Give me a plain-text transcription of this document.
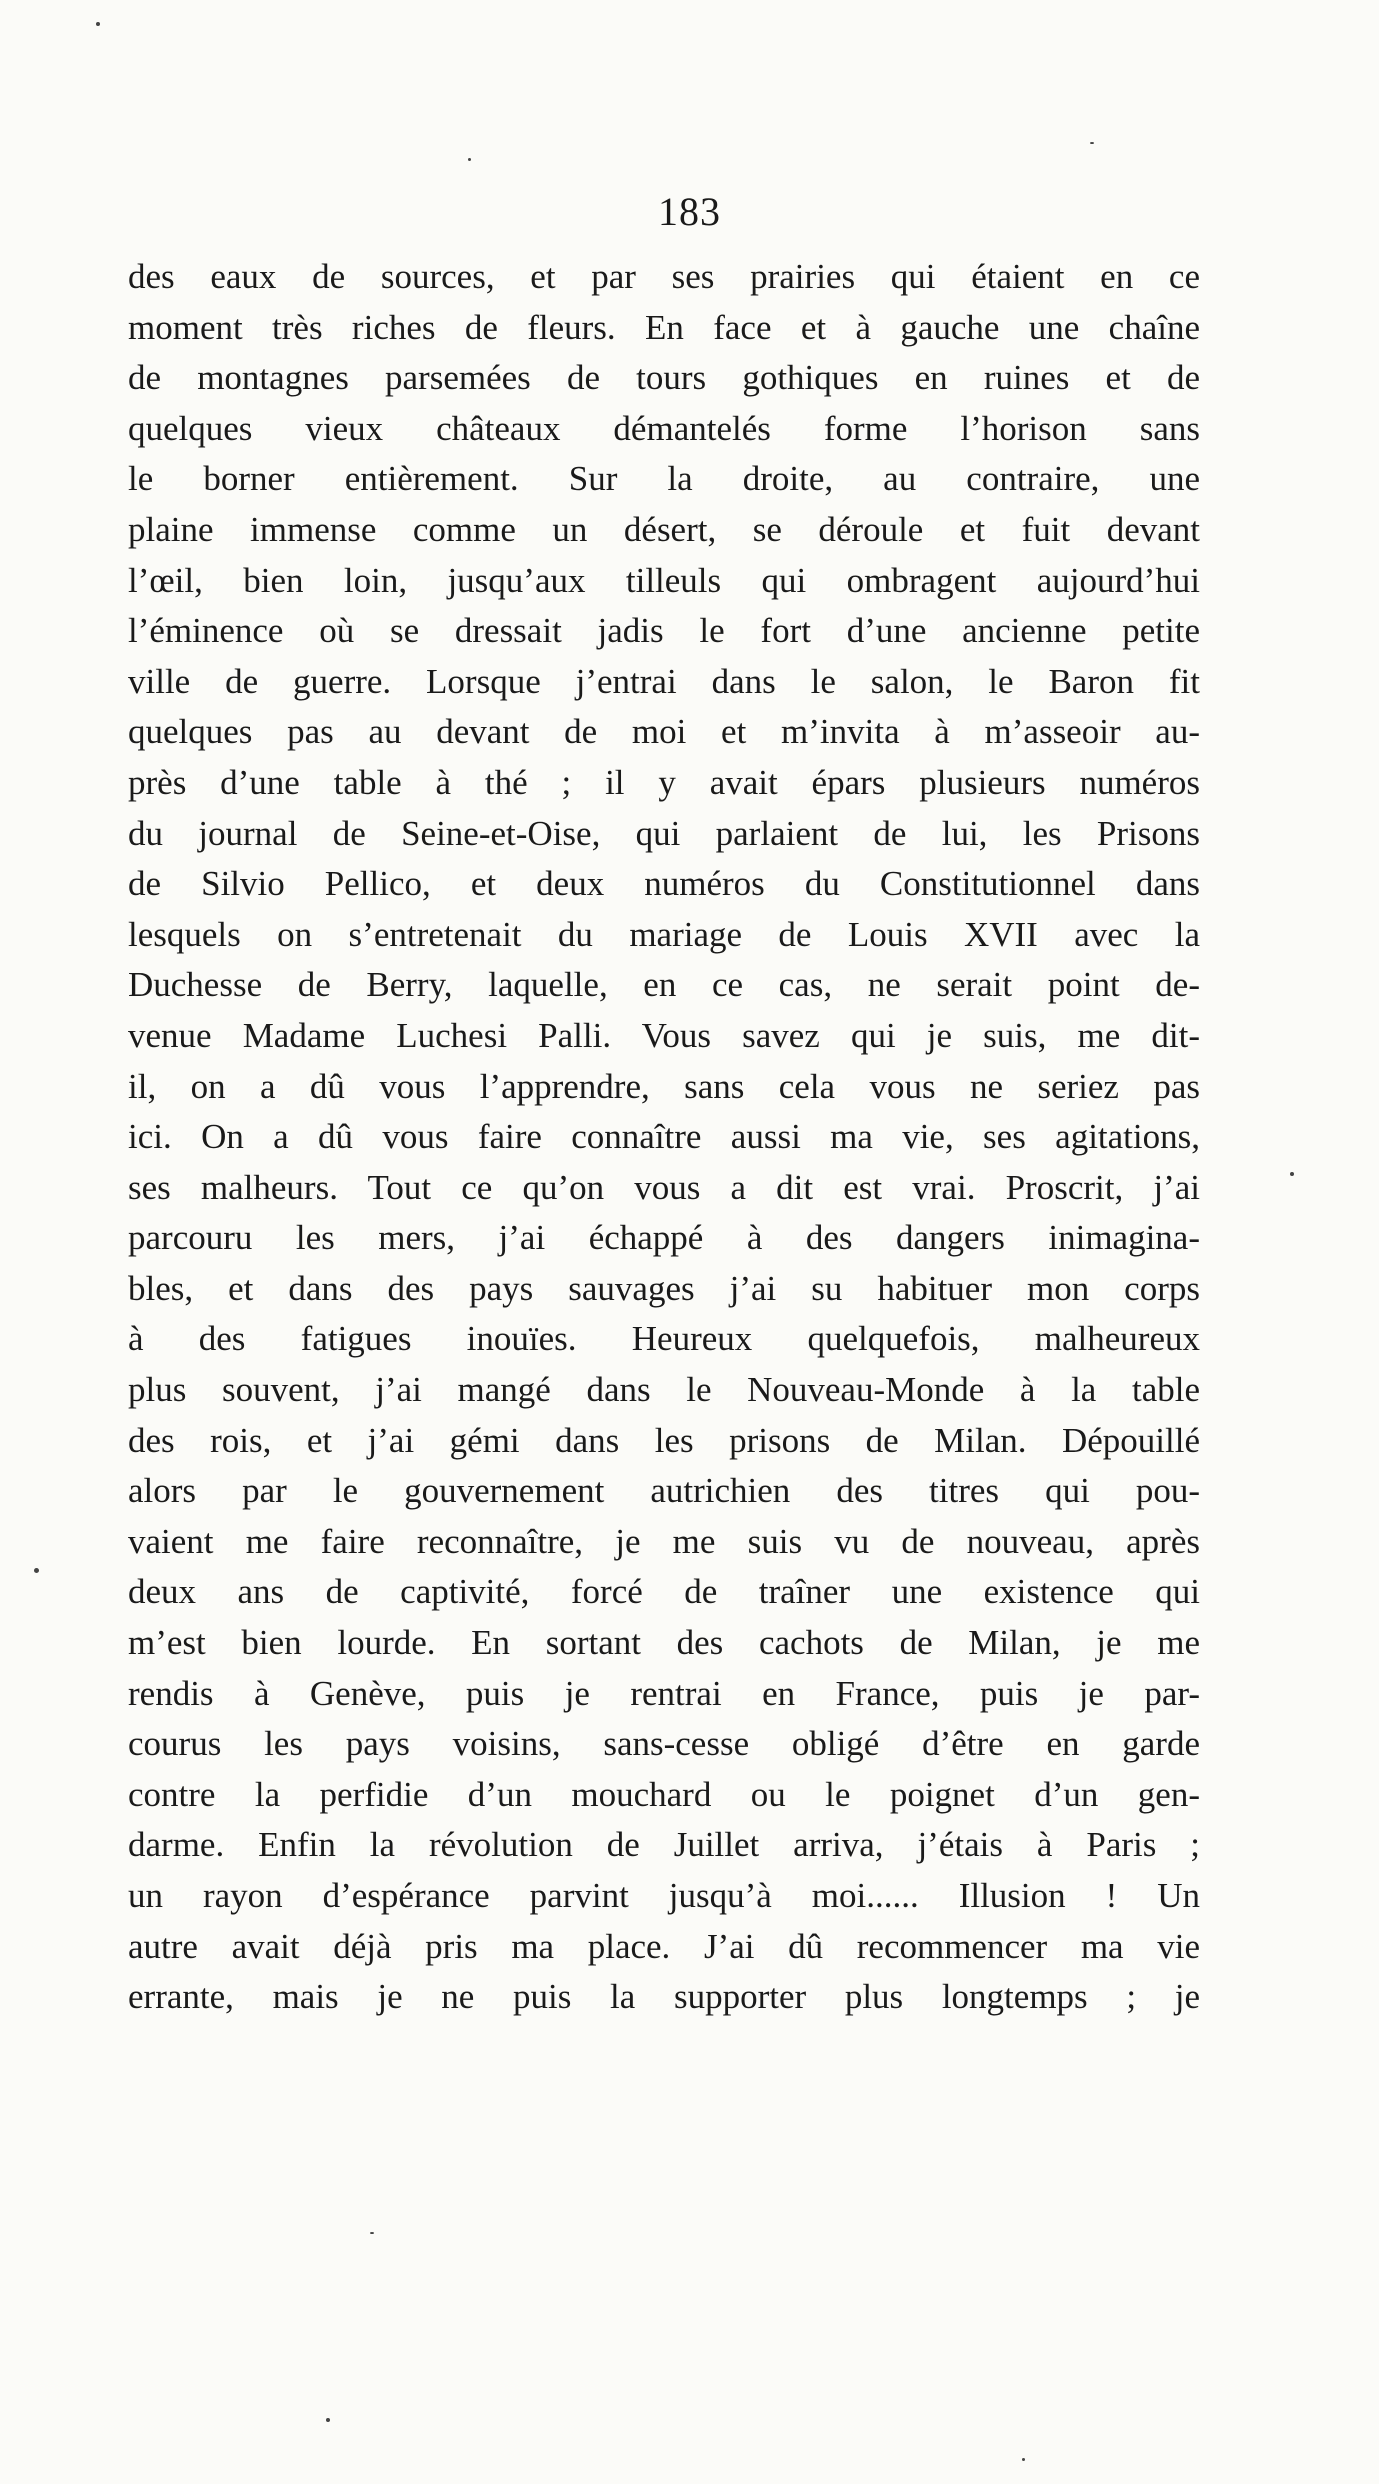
183
des eaux de sources, et par ses prairies qui étaient en ce
moment très riches de fleurs. En face et à gauche une chaîne
de montagnes parsemées de tours gothiques en ruines et de
quelques vieux châteaux démantelés forme l’horison sans
le borner entièrement. Sur la droite, au contraire, une
plaine immense comme un désert, se déroule et fuit devant
l’œil, bien loin, jusqu’aux tilleuls qui ombragent aujourd’hui
l’éminence où se dressait jadis le fort d’une ancienne petite
ville de guerre. Lorsque j’entrai dans le salon, le Baron fit
quelques pas au devant de moi et m’invita à m’asseoir au-
près d’une table à thé ; il y avait épars plusieurs numéros
du journal de Seine-et-Oise, qui parlaient de lui, les Prisons
de Silvio Pellico, et deux numéros du Constitutionnel dans
lesquels on s’entretenait du mariage de Louis XVII avec la
Duchesse de Berry, laquelle, en ce cas, ne serait point de-
venue Madame Luchesi Palli. Vous savez qui je suis, me dit-
il, on a dû vous l’apprendre, sans cela vous ne seriez pas
ici. On a dû vous faire connaître aussi ma vie, ses agitations,
ses malheurs. Tout ce qu’on vous a dit est vrai. Proscrit, j’ai
parcouru les mers, j’ai échappé à des dangers inimagina-
bles, et dans des pays sauvages j’ai su habituer mon corps
à des fatigues inouïes. Heureux quelquefois, malheureux
plus souvent, j’ai mangé dans le Nouveau-Monde à la table
des rois, et j’ai gémi dans les prisons de Milan. Dépouillé
alors par le gouvernement autrichien des titres qui pou-
vaient me faire reconnaître, je me suis vu de nouveau, après
deux ans de captivité, forcé de traîner une existence qui
m’est bien lourde. En sortant des cachots de Milan, je me
rendis à Genève, puis je rentrai en France, puis je par-
courus les pays voisins, sans-cesse obligé d’être en garde
contre la perfidie d’un mouchard ou le poignet d’un gen-
darme. Enfin la révolution de Juillet arriva, j’étais à Paris ;
un rayon d’espérance parvint jusqu’à moi...... Illusion ! Un
autre avait déjà pris ma place. J’ai dû recommencer ma vie
errante, mais je ne puis la supporter plus longtemps ; je
